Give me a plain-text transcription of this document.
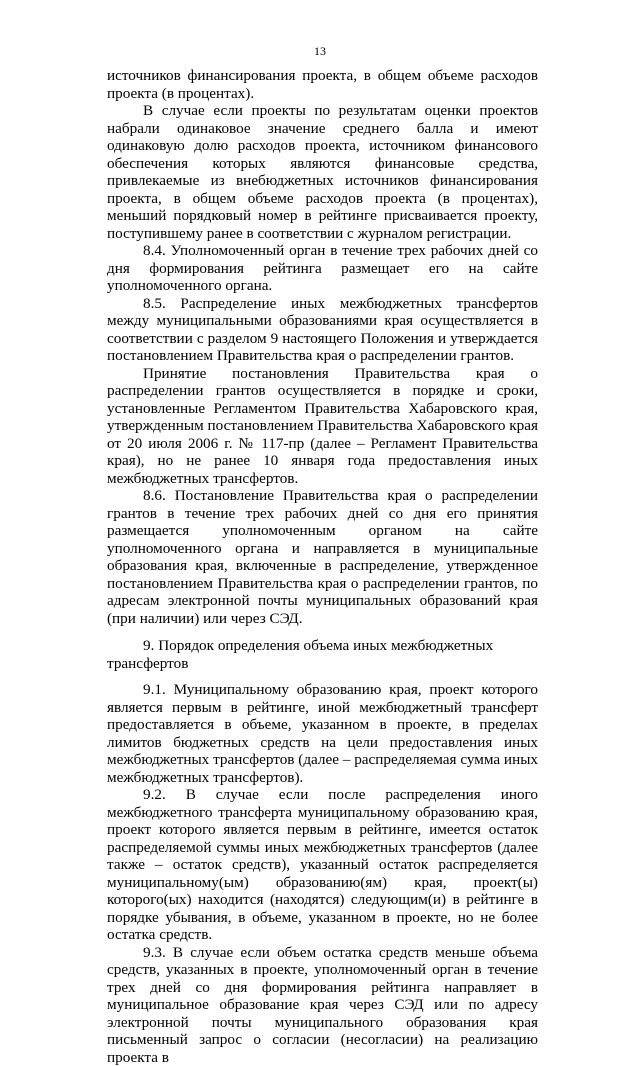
13

источников финансирования проекта, в общем объеме расходов проекта (в процентах).

В случае если проекты по результатам оценки проектов набрали одинаковое значение среднего балла и имеют одинаковую долю расходов проекта, источником финансового обеспечения которых являются финансовые средства, привлекаемые из внебюджетных источников финансирования проекта, в общем объеме расходов проекта (в процентах), меньший порядковый номер в рейтинге присваивается проекту, поступившему ранее в соответствии с журналом регистрации.

8.4. Уполномоченный орган в течение трех рабочих дней со дня формирования рейтинга размещает его на сайте уполномоченного органа.

8.5. Распределение иных межбюджетных трансфертов между муниципальными образованиями края осуществляется в соответствии с разделом 9 настоящего Положения и утверждается постановлением Правительства края о распределении грантов.

Принятие постановления Правительства края о распределении грантов осуществляется в порядке и сроки, установленные Регламентом Правительства Хабаровского края, утвержденным постановлением Правительства Хабаровского края от 20 июля 2006 г. № 117-пр (далее – Регламент Правительства края), но не ранее 10 января года предоставления иных межбюджетных трансфертов.

8.6. Постановление Правительства края о распределении грантов в течение трех рабочих дней со дня его принятия размещается уполномоченным органом на сайте уполномоченного органа и направляется в муниципальные образования края, включенные в распределение, утвержденное постановлением Правительства края о распределении грантов, по адресам электронной почты муниципальных образований края (при наличии) или через СЭД.

9. Порядок определения объема иных межбюджетных трансфертов

9.1. Муниципальному образованию края, проект которого является первым в рейтинге, иной межбюджетный трансферт предоставляется в объеме, указанном в проекте, в пределах лимитов бюджетных средств на цели предоставления иных межбюджетных трансфертов (далее – распределяемая сумма иных межбюджетных трансфертов).

9.2. В случае если после распределения иного межбюджетного трансферта муниципальному образованию края, проект которого является первым в рейтинге, имеется остаток распределяемой суммы иных межбюджетных трансфертов (далее также – остаток средств), указанный остаток распределяется муниципальному(ым) образованию(ям) края, проект(ы) которого(ых) находится (находятся) следующим(и) в рейтинге в порядке убывания, в объеме, указанном в проекте, но не более остатка средств.

9.3. В случае если объем остатка средств меньше объема средств, указанных в проекте, уполномоченный орган в течение трех дней со дня формирования рейтинга направляет в муниципальное образование края через СЭД или по адресу электронной почты муниципального образования края письменный запрос о согласии (несогласии) на реализацию проекта в
